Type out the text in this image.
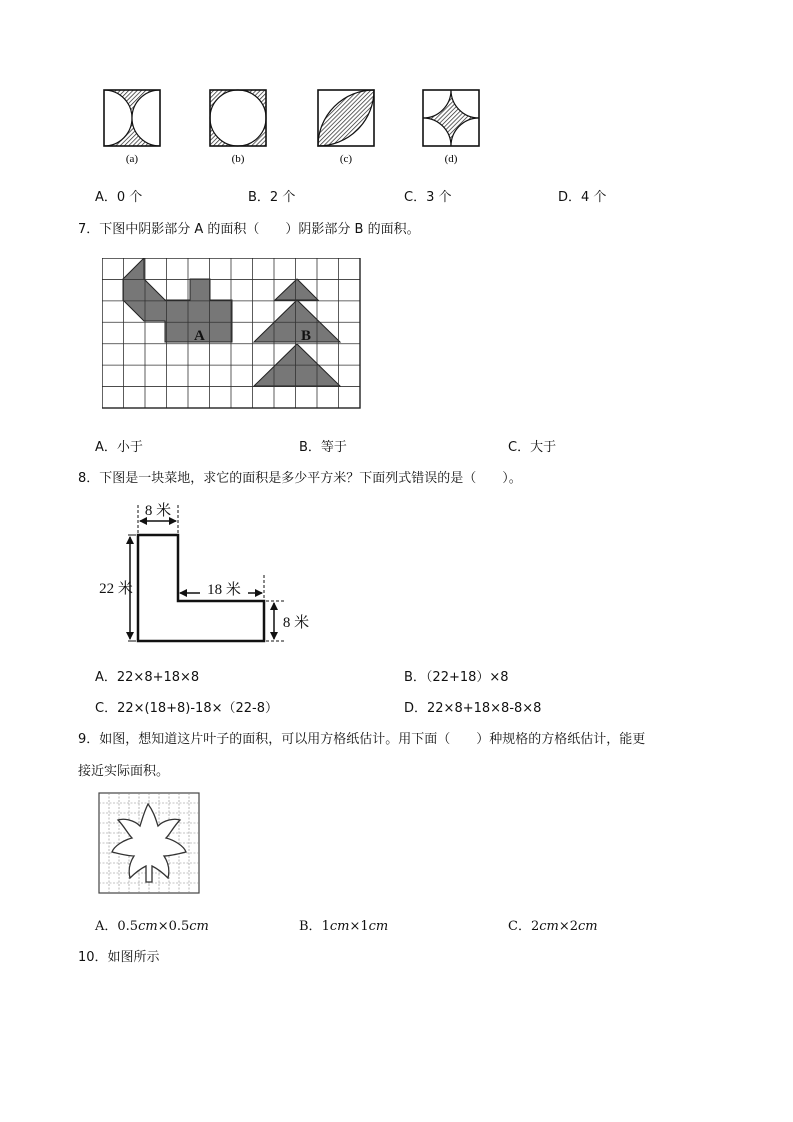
(a)	(b)	(c)	(d)
A．0 个	B．2 个	C．3 个	D．4 个
7．下图中阴影部分 A 的面积（　　）阴影部分 B 的面积。
A	B
A．小于	B．等于	C．大于
8．下图是一块菜地，求它的面积是多少平方米？下面列式错误的是（　　）。
8 米
22 米	18 米
8 米
A．22×8+18×8	B．（22+18）×8
C．22×(18+8)-18×（22-8）	D．22×8+18×8-8×8
9．如图，想知道这片叶子的面积，可以用方格纸估计。用下面（　　）种规格的方格纸估计，能更
接近实际面积。
A．0.5cm×0.5cm	B．1cm×1cm	C．2cm×2cm
10．如图所示
